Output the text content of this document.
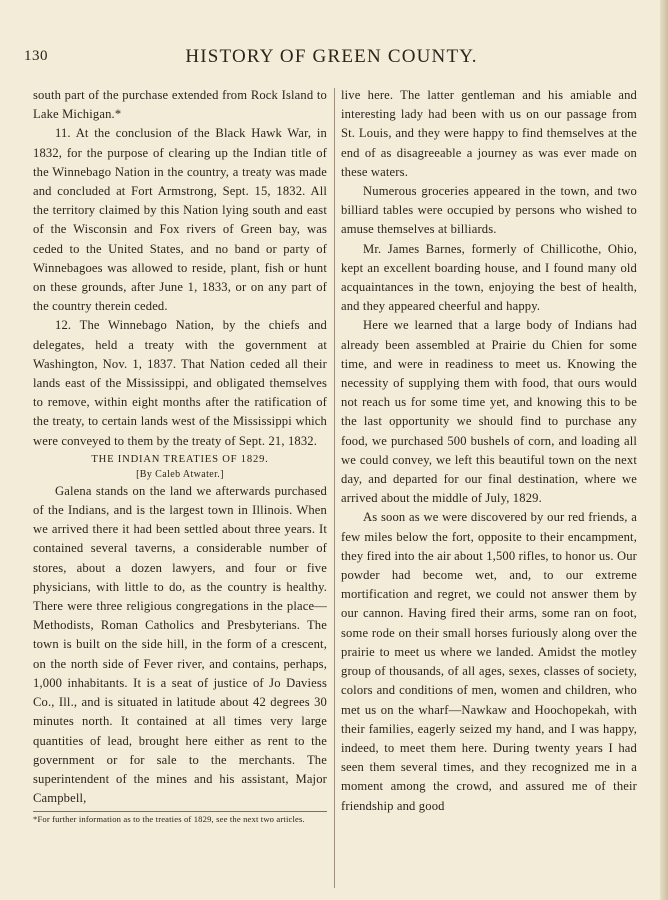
130	HISTORY OF GREEN COUNTY.

south part of the purchase extended from Rock Island to Lake Michigan.*

11. At the conclusion of the Black Hawk War, in 1832, for the purpose of clearing up the Indian title of the Winnebago Nation in the country, a treaty was made and concluded at Fort Armstrong, Sept. 15, 1832. All the territory claimed by this Nation lying south and east of the Wisconsin and Fox rivers of Green bay, was ceded to the United States, and no band or party of Winnebagoes was allowed to reside, plant, fish or hunt on these grounds, after June 1, 1833, or on any part of the country therein ceded.

12. The Winnebago Nation, by the chiefs and delegates, held a treaty with the government at Washington, Nov. 1, 1837. That Nation ceded all their lands east of the Mississippi, and obligated themselves to remove, within eight months after the ratification of the treaty, to certain lands west of the Mississippi which were conveyed to them by the treaty of Sept. 21, 1832.

THE INDIAN TREATIES OF 1829.
[By Caleb Atwater.]

Galena stands on the land we afterwards purchased of the Indians, and is the largest town in Illinois. When we arrived there it had been settled about three years. It contained several taverns, a considerable number of stores, about a dozen lawyers, and four or five physicians, with little to do, as the country is healthy. There were three religious congregations in the place—Methodists, Roman Catholics and Presbyterians. The town is built on the side hill, in the form of a crescent, on the north side of Fever river, and contains, perhaps, 1,000 inhabitants. It is a seat of justice of Jo Daviess Co., Ill., and is situated in latitude about 42 degrees 30 minutes north. It contained at all times very large quantities of lead, brought here either as rent to the government or for sale to the merchants. The superintendent of the mines and his assistant, Major Campbell,

*For further information as to the treaties of 1829, see the next two articles.

live here. The latter gentleman and his amiable and interesting lady had been with us on our passage from St. Louis, and they were happy to find themselves at the end of as disagreeable a journey as was ever made on these waters.

Numerous groceries appeared in the town, and two billiard tables were occupied by persons who wished to amuse themselves at billiards.

Mr. James Barnes, formerly of Chillicothe, Ohio, kept an excellent boarding house, and I found many old acquaintances in the town, enjoying the best of health, and they appeared cheerful and happy.

Here we learned that a large body of Indians had already been assembled at Prairie du Chien for some time, and were in readiness to meet us. Knowing the necessity of supplying them with food, that ours would not reach us for some time yet, and knowing this to be the last opportunity we should find to purchase any food, we purchased 500 bushels of corn, and loading all we could convey, we left this beautiful town on the next day, and departed for our final destination, where we arrived about the middle of July, 1829.

As soon as we were discovered by our red friends, a few miles below the fort, opposite to their encampment, they fired into the air about 1,500 rifles, to honor us. Our powder had become wet, and, to our extreme mortification and regret, we could not answer them by our cannon. Having fired their arms, some ran on foot, some rode on their small horses furiously along over the prairie to meet us where we landed. Amidst the motley group of thousands, of all ages, sexes, classes of society, colors and conditions of men, women and children, who met us on the wharf—Nawkaw and Hoochopekah, with their families, eagerly seized my hand, and I was happy, indeed, to meet them here. During twenty years I had seen them several times, and they recognized me in a moment among the crowd, and assured me of their friendship and good
